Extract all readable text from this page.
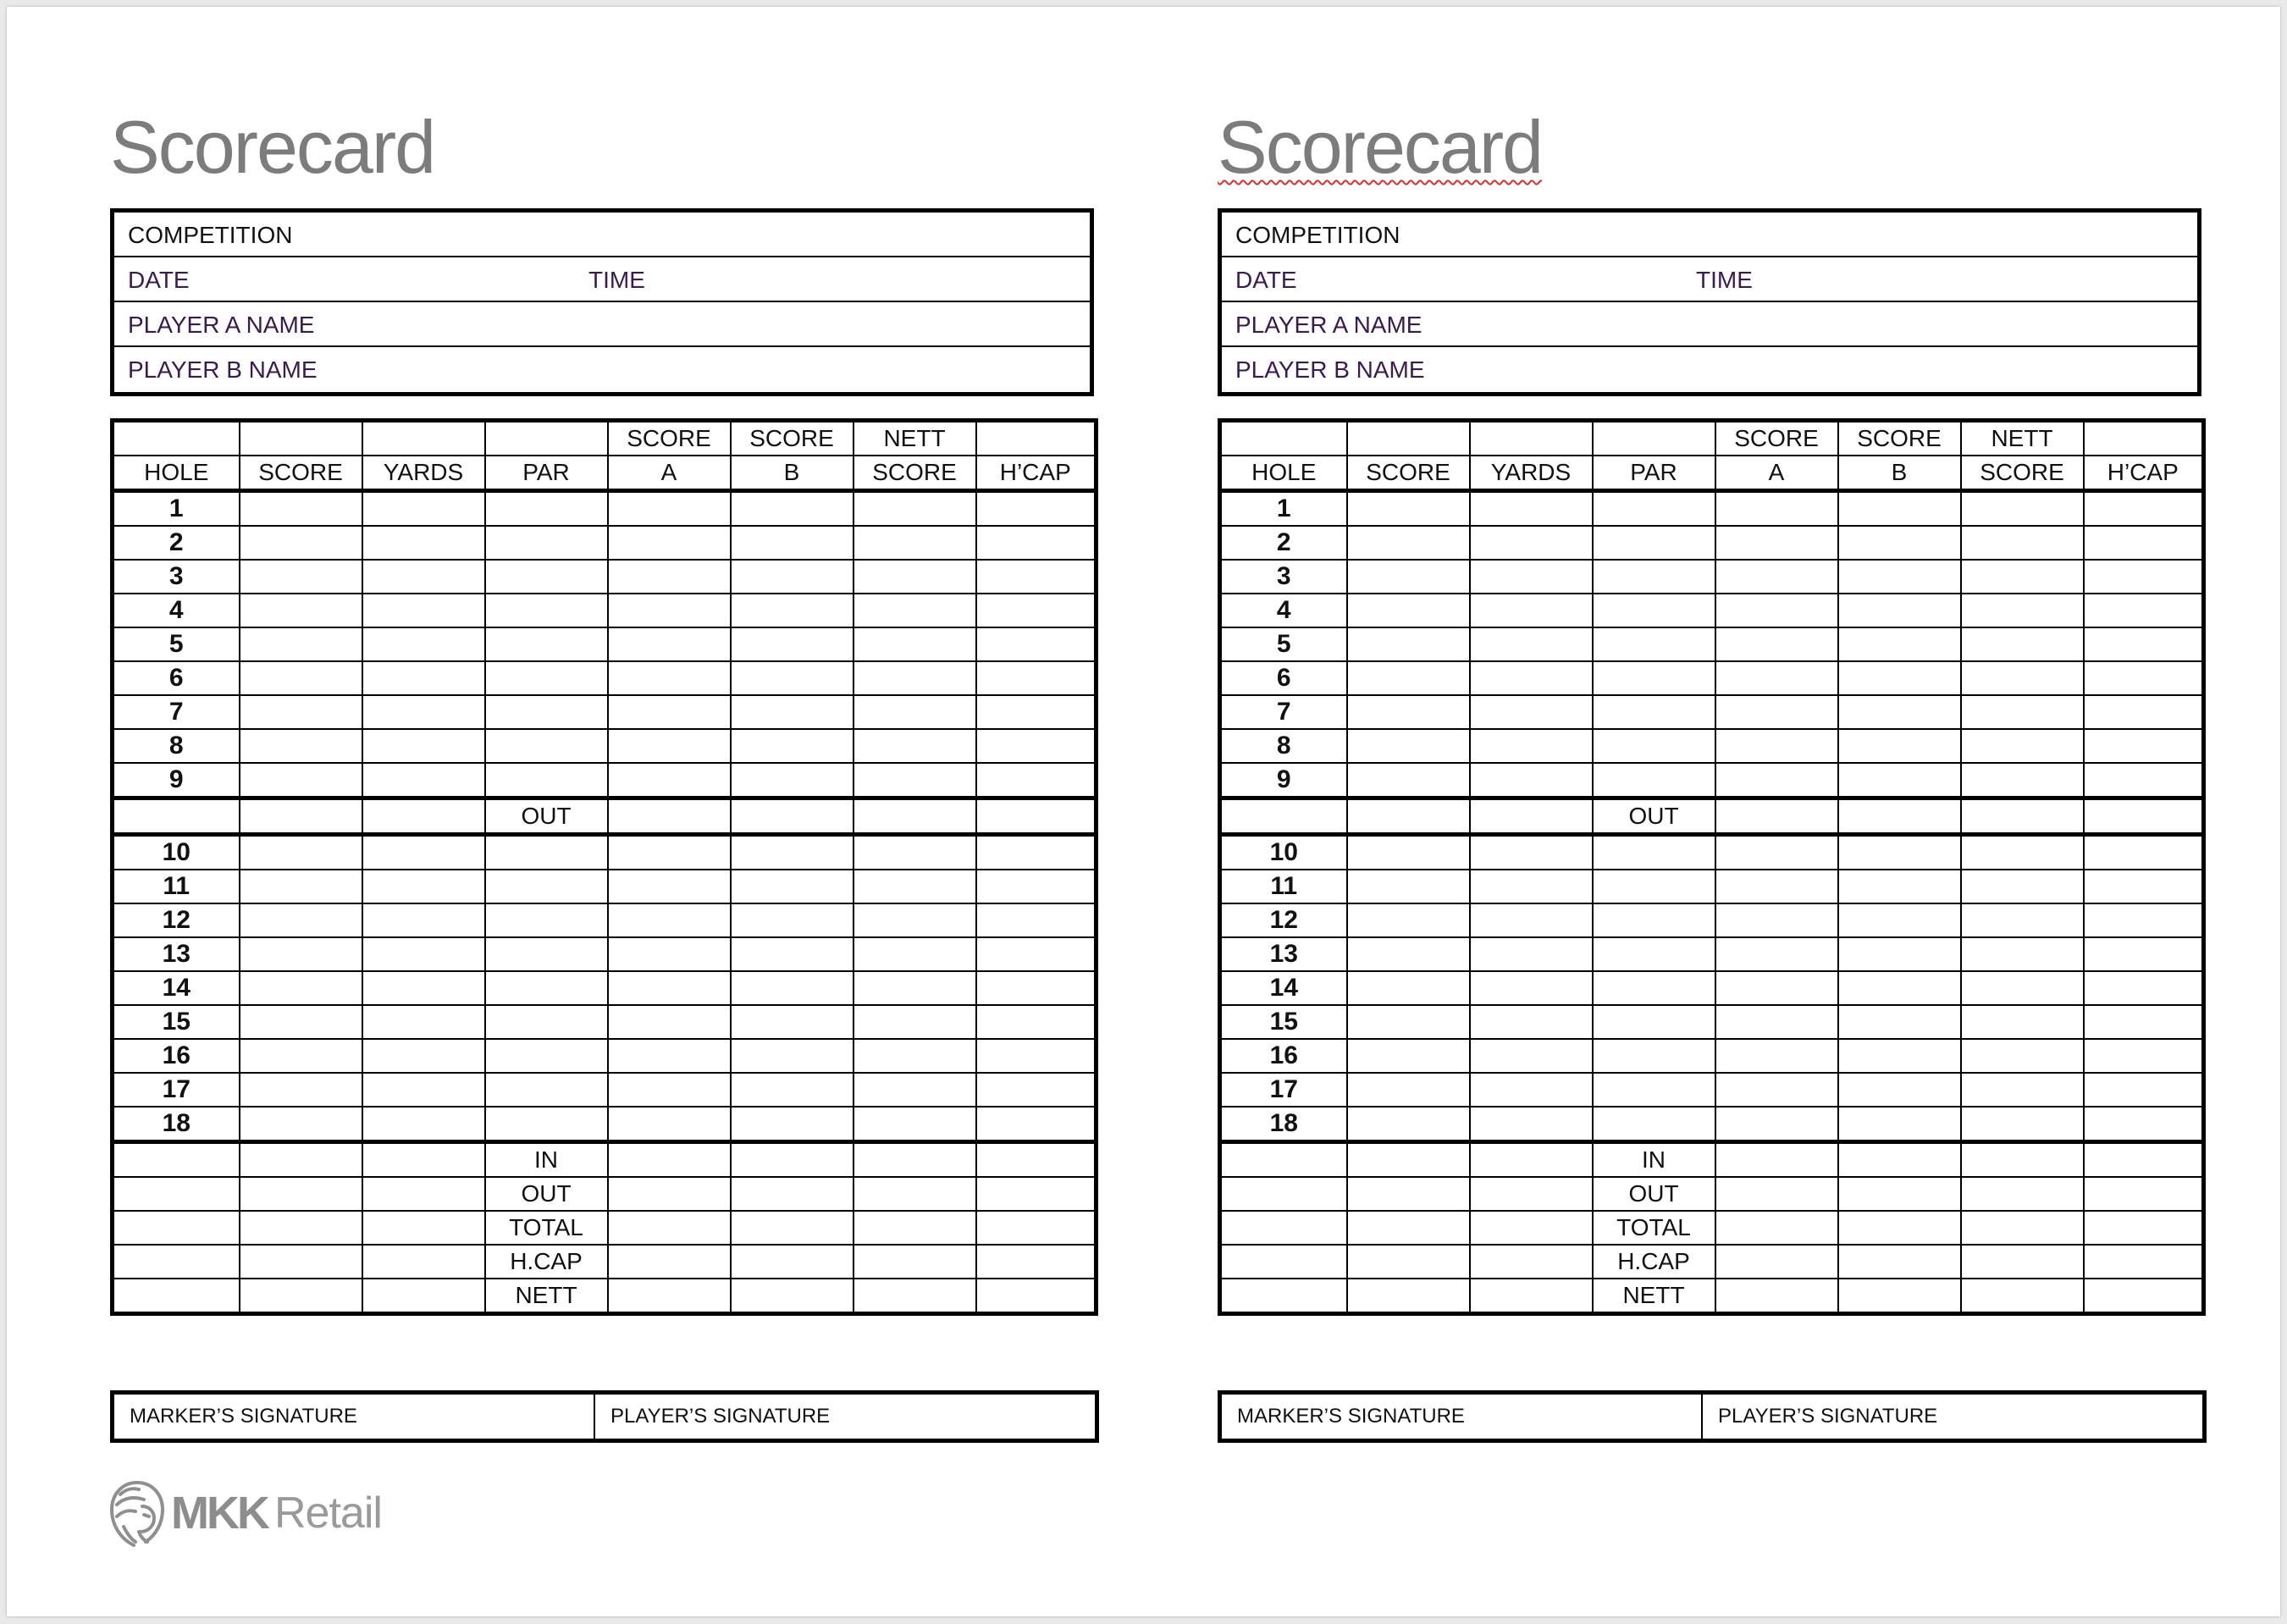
Scorecard
COMPETITION
DATE	TIME
PLAYER A NAME
PLAYER B NAME
				SCORE	SCORE	NETT	
HOLE	SCORE	YARDS	PAR	A	B	SCORE	H’CAP
1							
2							
3							
4							
5							
6							
7							
8							
9							
			OUT				
10							
11							
12							
13							
14							
15							
16							
17							
18							
			IN				
			OUT				
			TOTAL				
			H.CAP				
			NETT				
MARKER’S SIGNATURE	PLAYER’S SIGNATURE
Scorecard
COMPETITION
DATE	TIME
PLAYER A NAME
PLAYER B NAME
				SCORE	SCORE	NETT	
HOLE	SCORE	YARDS	PAR	A	B	SCORE	H’CAP
1							
2							
3							
4							
5							
6							
7							
8							
9							
			OUT				
10							
11							
12							
13							
14							
15							
16							
17							
18							
			IN				
			OUT				
			TOTAL				
			H.CAP				
			NETT				
MARKER’S SIGNATURE	PLAYER’S SIGNATURE
MKK Retail
